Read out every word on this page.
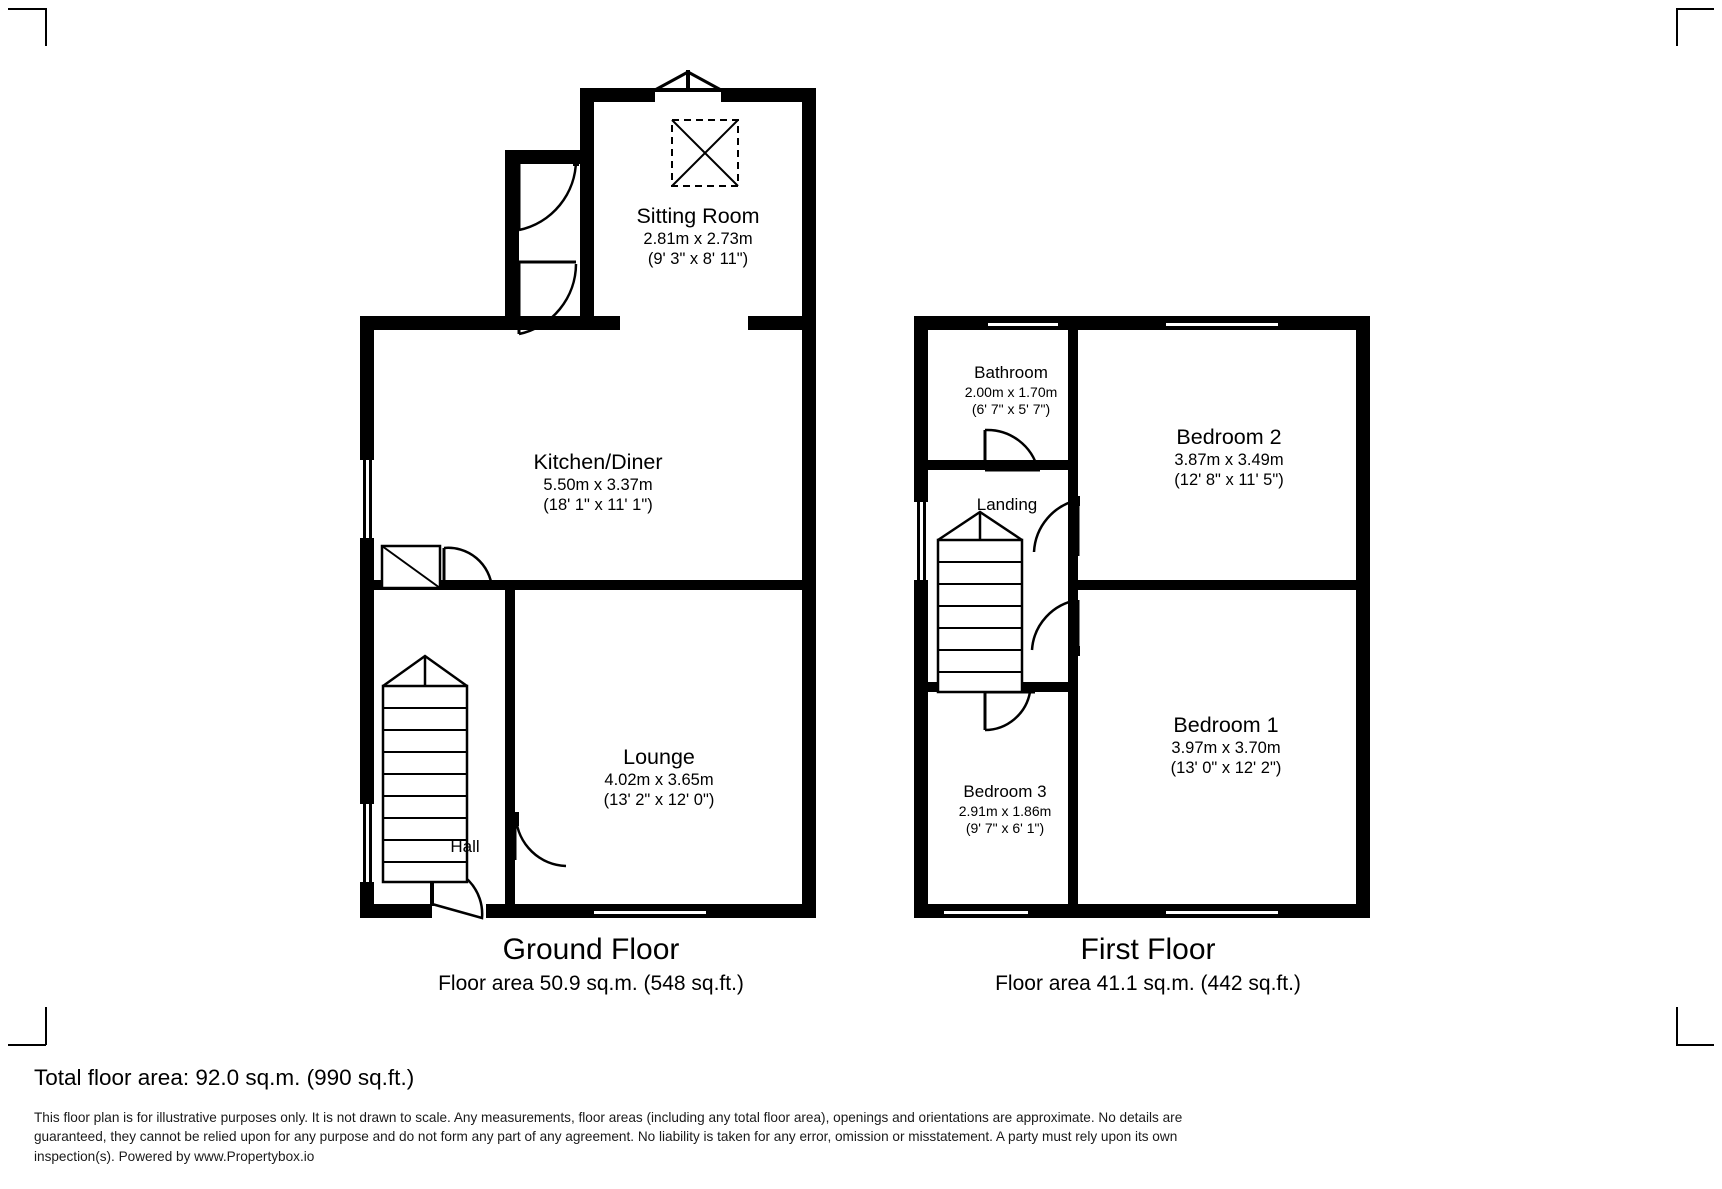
Sitting Room
2.81m x 2.73m
(9' 3" x 8' 11")
Kitchen/Diner
5.50m x 3.37m
(18' 1" x 11' 1")
Lounge
4.02m x 3.65m
(13' 2" x 12' 0")
Hall
Bathroom
2.00m x 1.70m
(6' 7" x 5' 7")
Bedroom 2
3.87m x 3.49m
(12' 8" x 11' 5")
Landing
Bedroom 1
3.97m x 3.70m
(13' 0" x 12' 2")
Bedroom 3
2.91m x 1.86m
(9' 7" x 6' 1")
Ground Floor
Floor area 50.9 sq.m. (548 sq.ft.)
First Floor
Floor area 41.1 sq.m. (442 sq.ft.)
Total floor area: 92.0 sq.m. (990 sq.ft.)
This floor plan is for illustrative purposes only. It is not drawn to scale. Any measurements, floor areas (including any total floor area), openings and orientations are approximate. No details are guaranteed, they cannot be relied upon for any purpose and do not form any part of any agreement. No liability is taken for any error, omission or misstatement. A party must rely upon its own inspection(s). Powered by www.Propertybox.io
